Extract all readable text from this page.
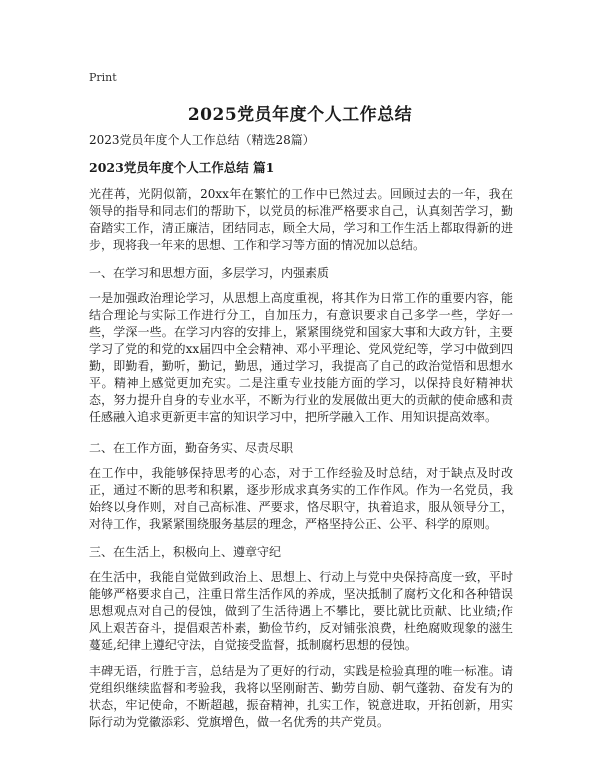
Print
2025党员年度个人工作总结
2023党员年度个人工作总结（精选28篇）
2023党员年度个人工作总结 篇1

光荏苒，光阴似箭，20xx年在繁忙的工作中已然过去。回顾过去的一年，我在领导的指导和同志们的帮助下，以党员的标准严格要求自己，认真刻苦学习，勤奋踏实工作，清正廉洁，团结同志，顾全大局，学习和工作生活上都取得新的进步，现将我一年来的思想、工作和学习等方面的情况加以总结。

一、在学习和思想方面，多层学习，内强素质

一是加强政治理论学习，从思想上高度重视，将其作为日常工作的重要内容，能结合理论与实际工作进行分工，自加压力，有意识要求自己多学一些，学好一些，学深一些。在学习内容的安排上，紧紧围绕党和国家大事和大政方针，主要学习了党的和党的xx届四中全会精神、邓小平理论、党风党纪等，学习中做到四勤，即勤看，勤听，勤记，勤思，通过学习，我提高了自己的政治觉悟和思想水平。精神上感觉更加充实。二是注重专业技能方面的学习，以保持良好精神状态，努力提升自身的专业水平，不断为行业的发展做出更大的贡献的使命感和责任感融入追求更新更丰富的知识学习中，把所学融入工作、用知识提高效率。

二、在工作方面，勤奋务实、尽责尽职

在工作中，我能够保持思考的心态，对于工作经验及时总结，对于缺点及时改正，通过不断的思考和积累，逐步形成求真务实的工作作风。作为一名党员，我始终以身作则，对自己高标准、严要求，恪尽职守，执着追求，服从领导分工，对待工作，我紧紧围绕服务基层的理念，严格坚持公正、公平、科学的原则。

三、在生活上，积极向上、遵章守纪

在生活中，我能自觉做到政治上、思想上、行动上与党中央保持高度一致，平时能够严格要求自己，注重日常生活作风的养成，坚决抵制了腐朽文化和各种错误思想观点对自己的侵蚀，做到了生活待遇上不攀比，要比就比贡献、比业绩;作风上艰苦奋斗，提倡艰苦朴素，勤俭节约，反对铺张浪费，杜绝腐败现象的滋生蔓延,纪律上遵纪守法，自觉接受监督，抵制腐朽思想的侵蚀。

丰碑无语，行胜于言，总结是为了更好的行动，实践是检验真理的唯一标准。请党组织继续监督和考验我，我将以坚刚耐苦、勤劳自励、朝气蓬勃、奋发有为的状态，牢记使命，不断超越，振奋精神，扎实工作，锐意进取，开拓创新，用实际行动为党徽添彩、党旗增色，做一名优秀的共产党员。
